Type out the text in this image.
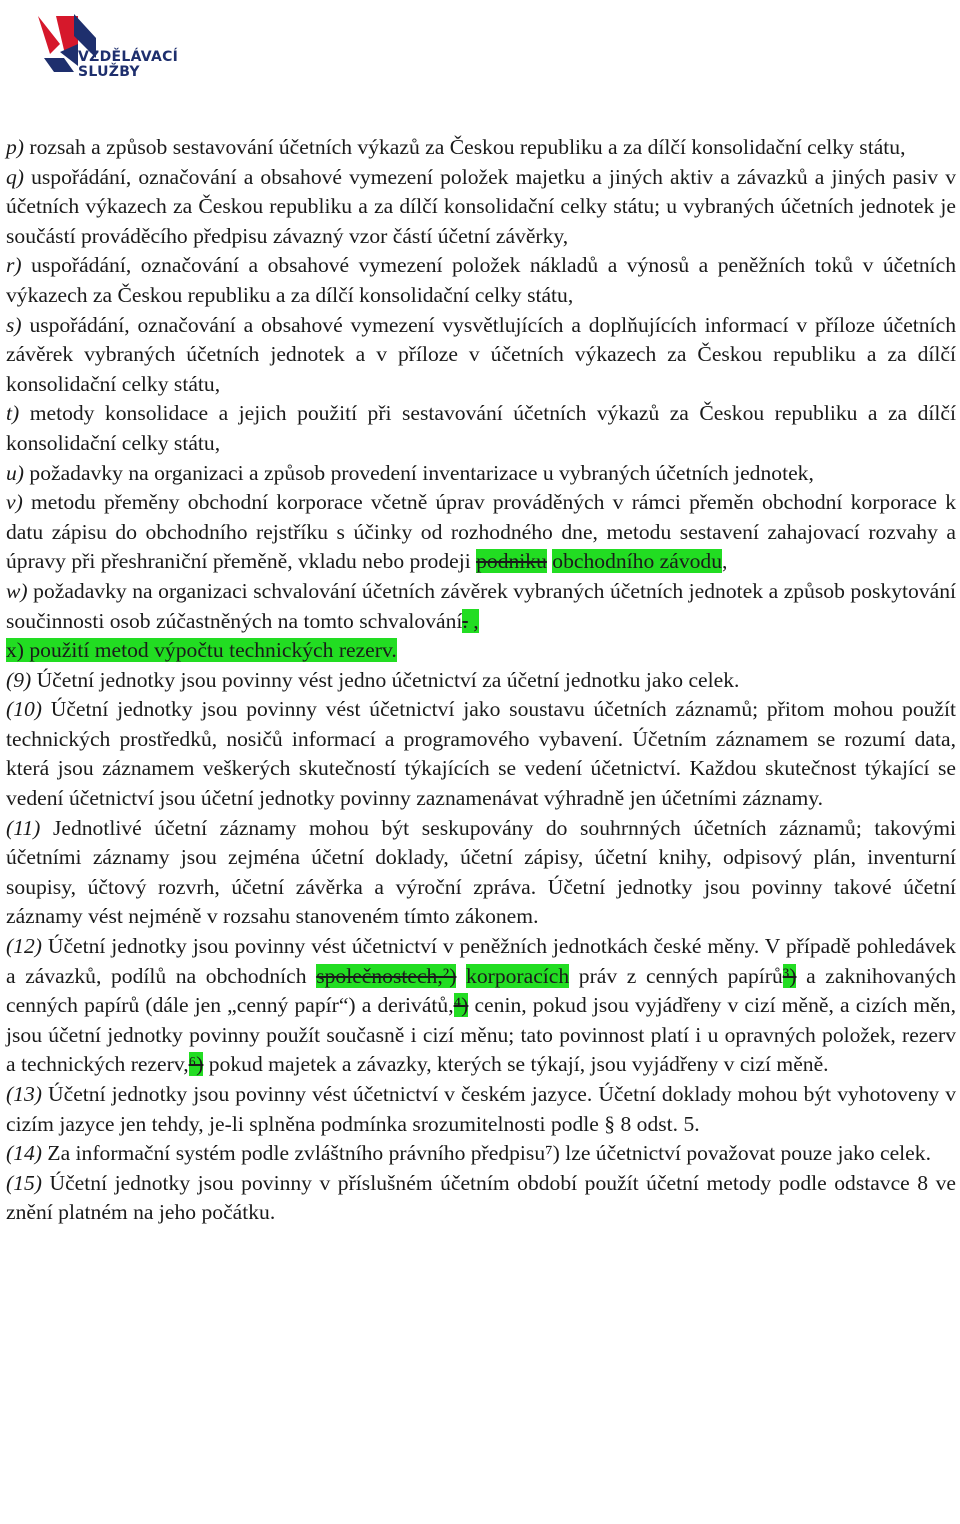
VZDĚLÁVACÍ
SLUŽBY

p) rozsah a způsob sestavování účetních výkazů za Českou republiku a za dílčí konsolidační celky státu,

q) uspořádání, označování a obsahové vymezení položek majetku a jiných aktiv a závazků a jiných pasiv v účetních výkazech za Českou republiku a za dílčí konsolidační celky státu; u vybraných účetních jednotek je součástí prováděcího předpisu závazný vzor částí účetní závěrky,

r) uspořádání, označování a obsahové vymezení položek nákladů a výnosů a peněžních toků v účetních výkazech za Českou republiku a za dílčí konsolidační celky státu,

s) uspořádání, označování a obsahové vymezení vysvětlujících a doplňujících informací v příloze účetních závěrek vybraných účetních jednotek a v příloze v účetních výkazech za Českou republiku a za dílčí konsolidační celky státu,

t) metody konsolidace a jejich použití při sestavování účetních výkazů za Českou republiku a za dílčí konsolidační celky státu,

u) požadavky na organizaci a způsob provedení inventarizace u vybraných účetních jednotek,

v) metodu přeměny obchodní korporace včetně úprav prováděných v rámci přeměn obchodní korporace k datu zápisu do obchodního rejstříku s účinky od rozhodného dne, metodu sestavení zahajovací rozvahy a úpravy při přeshraniční přeměně, vkladu nebo prodeji podniku obchodního závodu,

w) požadavky na organizaci schvalování účetních závěrek vybraných účetních jednotek a způsob poskytování součinnosti osob zúčastněných na tomto schvalování. ,

x) použití metod výpočtu technických rezerv.

(9) Účetní jednotky jsou povinny vést jedno účetnictví za účetní jednotku jako celek.

(10) Účetní jednotky jsou povinny vést účetnictví jako soustavu účetních záznamů; přitom mohou použít technických prostředků, nosičů informací a programového vybavení. Účetním záznamem se rozumí data, která jsou záznamem veškerých skutečností týkajících se vedení účetnictví. Každou skutečnost týkající se vedení účetnictví jsou účetní jednotky povinny zaznamenávat výhradně jen účetními záznamy.

(11) Jednotlivé účetní záznamy mohou být seskupovány do souhrnných účetních záznamů; takovými účetními záznamy jsou zejména účetní doklady, účetní zápisy, účetní knihy, odpisový plán, inventurní soupisy, účtový rozvrh, účetní závěrka a výroční zpráva. Účetní jednotky jsou povinny takové účetní záznamy vést nejméně v rozsahu stanoveném tímto zákonem.

(12) Účetní jednotky jsou povinny vést účetnictví v peněžních jednotkách české měny. V případě pohledávek a závazků, podílů na obchodních společnostech,²) korporacích práv z cenných papírů³) a zaknihovaných cenných papírů (dále jen „cenný papír“) a derivátů,⁴) cenin, pokud jsou vyjádřeny v cizí měně, a cizích měn, jsou účetní jednotky povinny použít současně i cizí měnu; tato povinnost platí i u opravných položek, rezerv a technických rezerv,⁶) pokud majetek a závazky, kterých se týkají, jsou vyjádřeny v cizí měně.

(13) Účetní jednotky jsou povinny vést účetnictví v českém jazyce. Účetní doklady mohou být vyhotoveny v cizím jazyce jen tehdy, je-li splněna podmínka srozumitelnosti podle § 8 odst. 5.

(14) Za informační systém podle zvláštního právního předpisu⁷) lze účetnictví považovat pouze jako celek.

(15) Účetní jednotky jsou povinny v příslušném účetním období použít účetní metody podle odstavce 8 ve znění platném na jeho počátku.
